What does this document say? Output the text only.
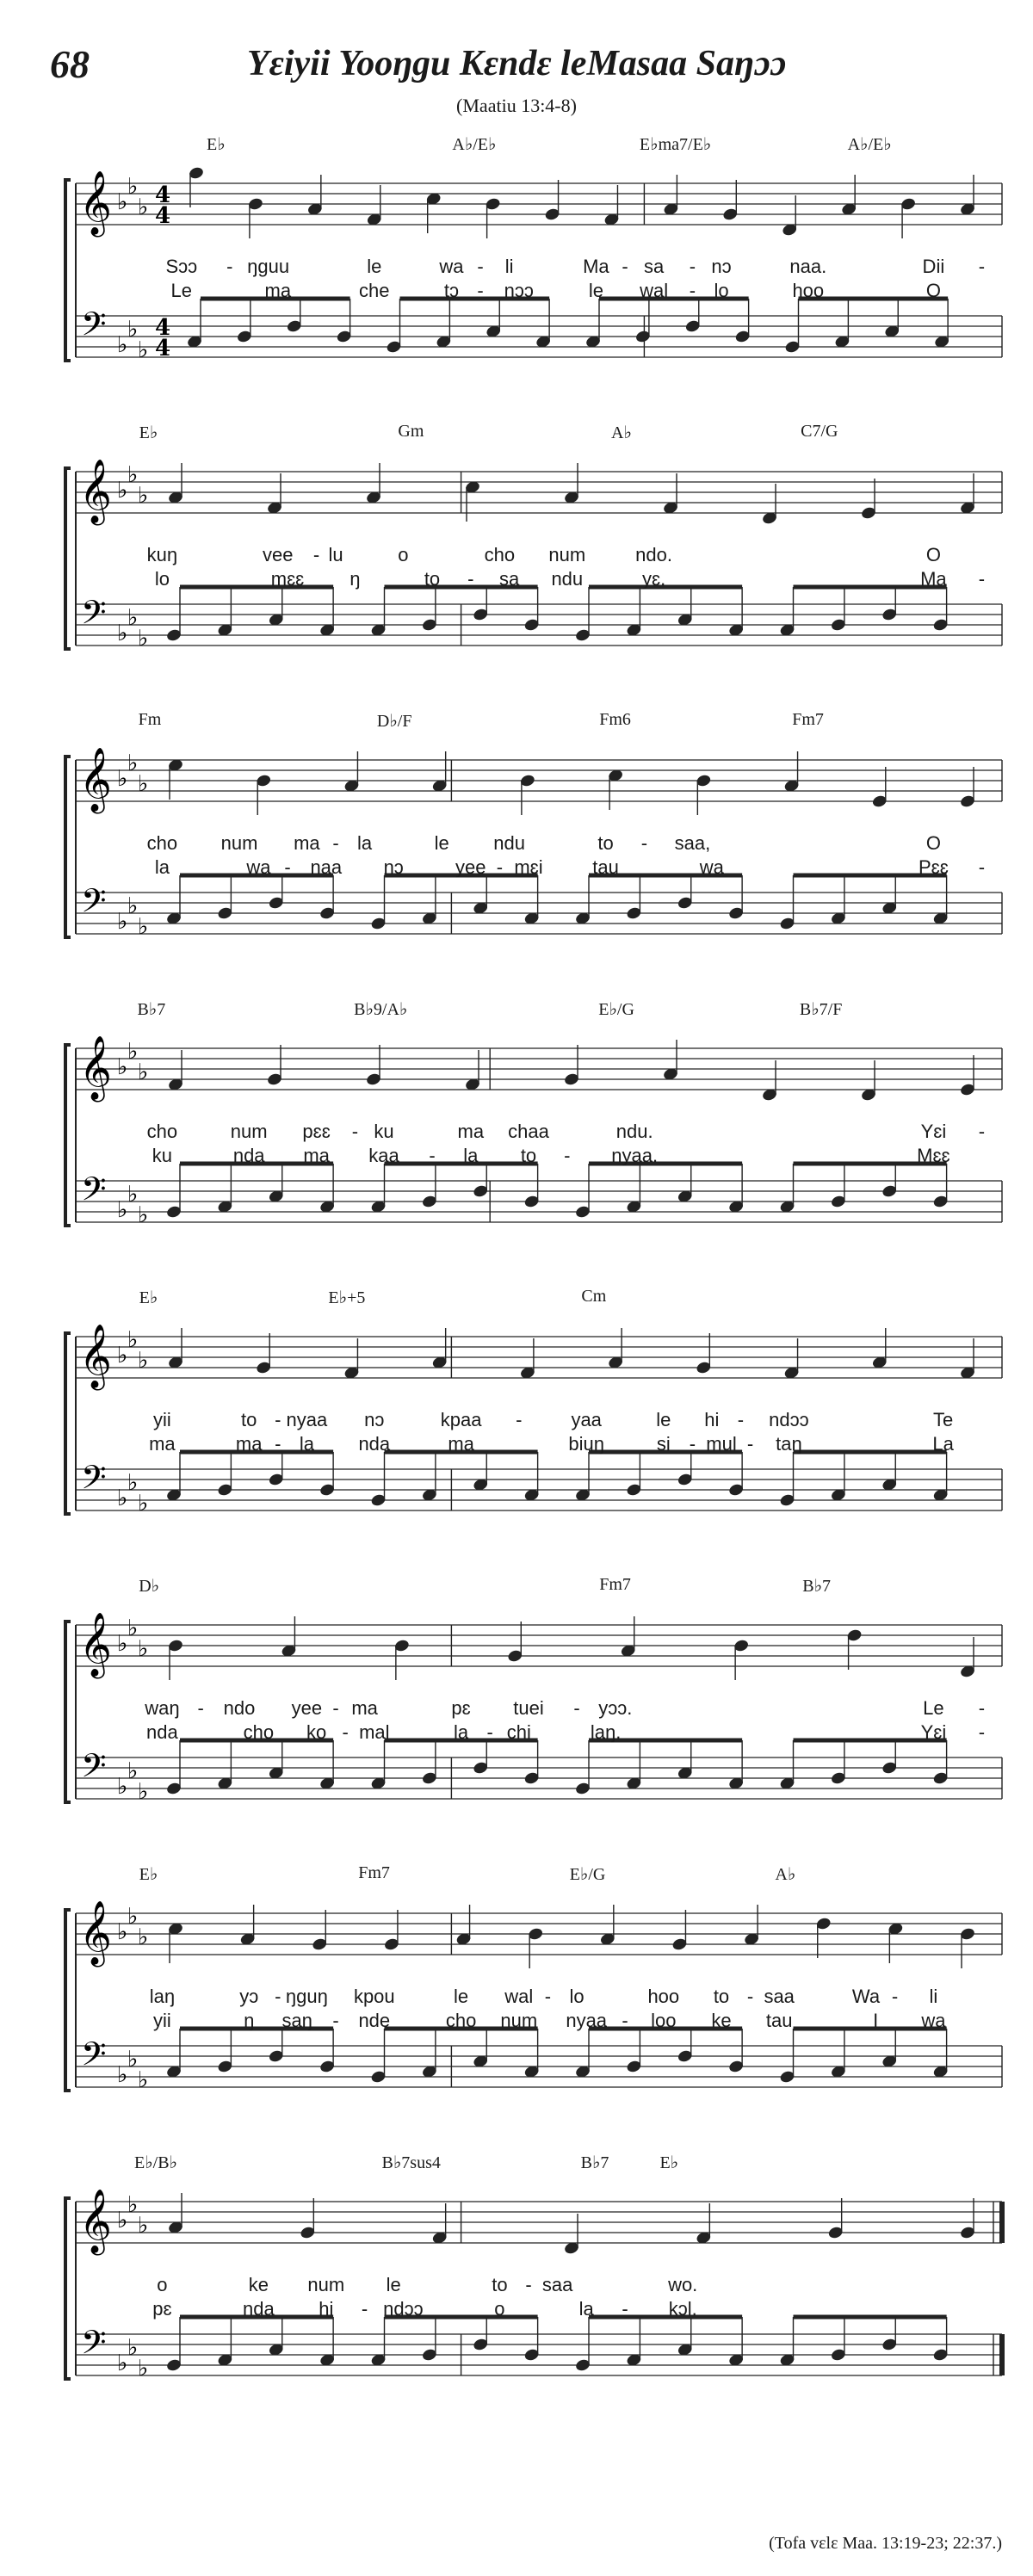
68	Yɛiyii Yooŋgu Kɛndɛ leMasaa Saŋɔɔ
(Maatiu 13:4-8)
𝄞
𝄢
♭
♭
♭
♭
♭
♭
4
4
4
4
E♭	A♭/E♭	E♭ma7/E♭	A♭/E♭
Sɔɔ - ŋguu	le	wa - li	Ma - sa - nɔ	naa.	Dii -
Le	ma	che	tɔ - nɔɔ	le wal - lo	hoo	O
𝄞
𝄢
♭
♭
♭
♭
♭
♭
E♭	Gm	A♭	C7/G
kuŋ	vee - lu	o	cho num	ndo.	O
lo	mɛɛ ŋ	to - sa ndu	yɛ.	Ma -
𝄞
𝄢
♭
♭
♭
♭
♭
♭
Fm	D♭/F	Fm6	Fm7
cho num ma - la	le ndu	to - saa,	O
la	wa - naa nɔ	yee - mɛi	tau	wa	Pɛɛ -
𝄞
𝄢
♭
♭
♭
♭
♭
♭
B♭7	B♭9/A♭	E♭/G	B♭7/F
cho	num pɛɛ - ku	ma chaa	ndu.	Yɛi -
ku	nda ma kaa - la to - nyaa.	Mɛɛ
𝄞
𝄢
♭
♭
♭
♭
♭
♭
E♭	E♭+5	Cm
yii	to - nyaa nɔ	kpaa -	yaa	le hi - ndɔɔ	Te
ma	ma - la nda	ma	biuŋ	si - mul - taŋ	La
𝄞
𝄢
♭
♭
♭
♭
♭
♭
D♭	Fm7	B♭7
waŋ - ndo yee - ma	pɛ tuei - yɔɔ.	Le -
nda	cho ko - mal	la - chi	laŋ.	Yɛi -
𝄞
𝄢
♭
♭
♭
♭
♭
♭
E♭	Fm7	E♭/G	A♭
laŋ	yɔ - ŋguŋ kpou	le wal - lo	hoo to - saa	Wa - li
yii	ŋ saŋ - nde	cho num nyaa - loo ke tau	I wa
𝄞
𝄢
♭
♭
♭
♭
♭
♭
E♭/B♭	B♭7sus4	B♭7	E♭
o	ke num le	to - saa	wo.
pɛ	nda hi - ndɔɔ	o	la - kɔl.
(Tofa vɛlɛ Maa. 13:19-23; 22:37.)
